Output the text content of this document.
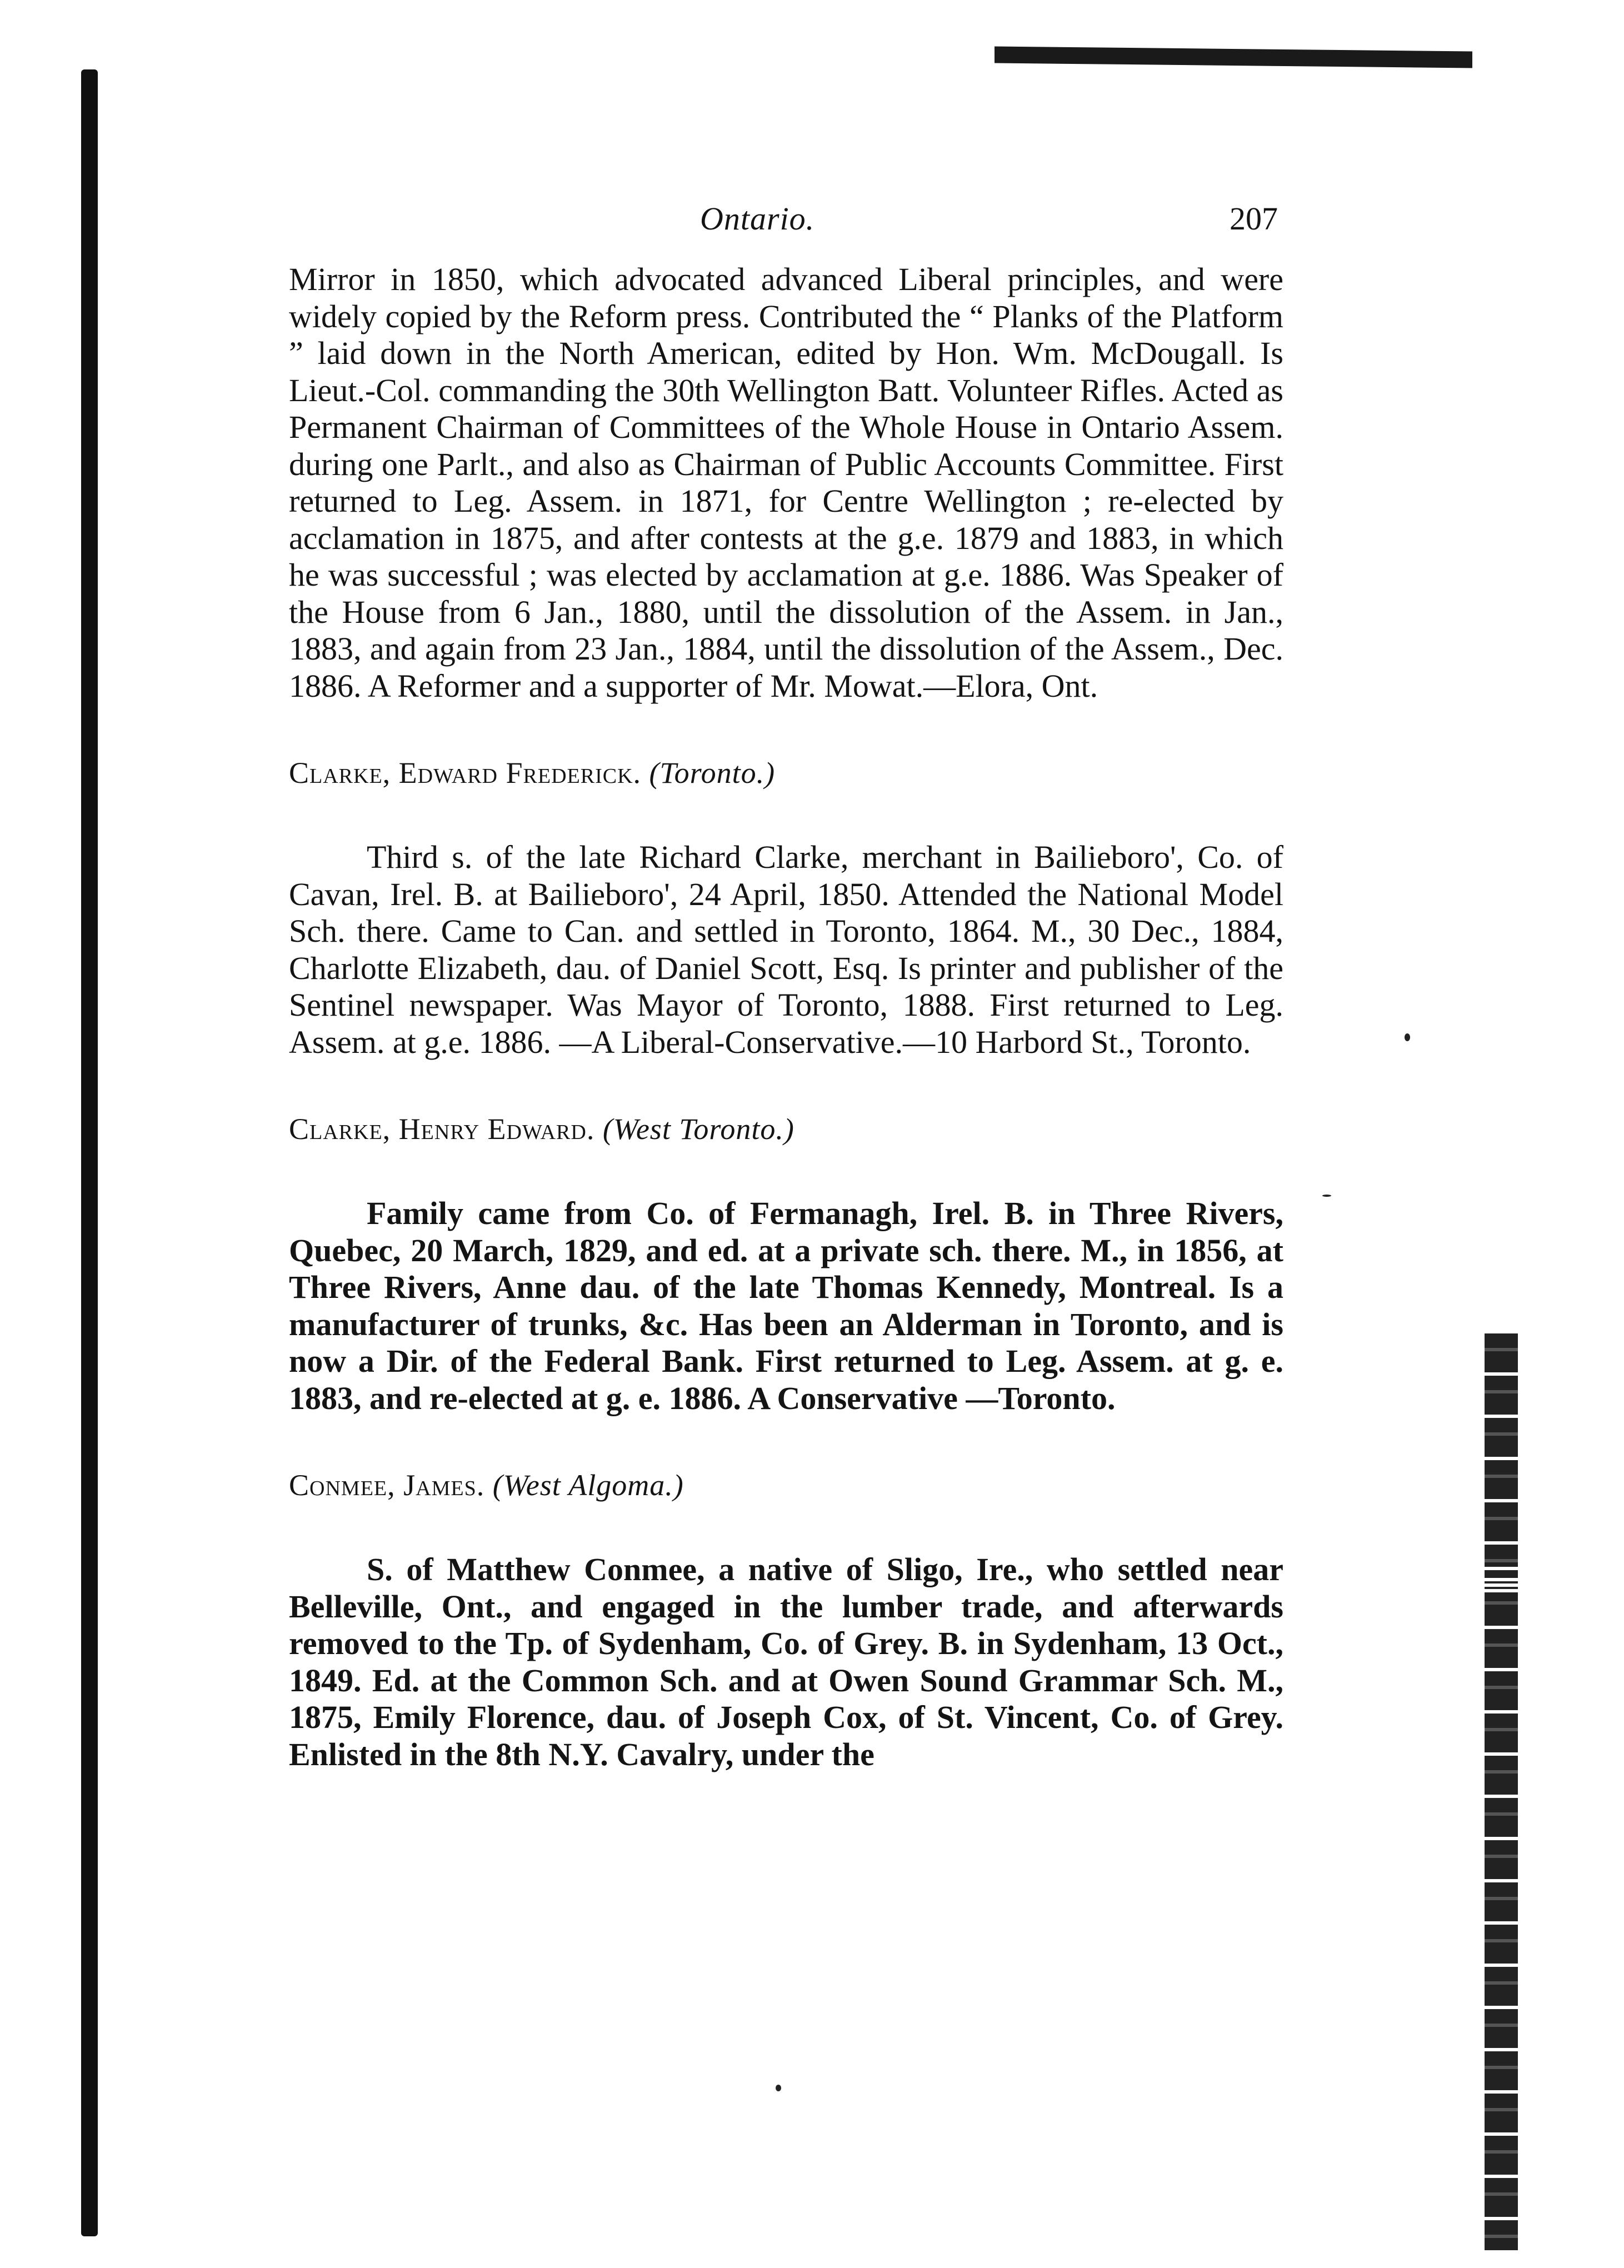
Ontario.	207

Mirror in 1850, which advocated advanced Liberal principles, and were widely copied by the Reform press. Contributed the “ Planks of the Platform ” laid down in the North American, edited by Hon. Wm. McDougall. Is Lieut.-Col. commanding the 30th Wellington Batt. Volunteer Rifles. Acted as Permanent Chairman of Committees of the Whole House in Ontario Assem. during one Parlt., and also as Chairman of Public Accounts Committee. First returned to Leg. Assem. in 1871, for Centre Wellington ; re-elected by acclamation in 1875, and after contests at the g.e. 1879 and 1883, in which he was successful ; was elected by acclamation at g.e. 1886. Was Speaker of the House from 6 Jan., 1880, until the dissolution of the Assem. in Jan., 1883, and again from 23 Jan., 1884, until the dissolution of the Assem., Dec. 1886. A Reformer and a supporter of Mr. Mowat.—Elora, Ont.

Clarke, Edward Frederick. (Toronto.)

Third s. of the late Richard Clarke, merchant in Bailieboro', Co. of Cavan, Irel. B. at Bailieboro', 24 April, 1850. Attended the National Model Sch. there. Came to Can. and settled in Toronto, 1864. M., 30 Dec., 1884, Charlotte Elizabeth, dau. of Daniel Scott, Esq. Is printer and publisher of the Sentinel newspaper. Was Mayor of Toronto, 1888. First returned to Leg. Assem. at g.e. 1886. —A Liberal-Conservative.—10 Harbord St., Toronto.

Clarke, Henry Edward. (West Toronto.)

Family came from Co. of Fermanagh, Irel. B. in Three Rivers, Quebec, 20 March, 1829, and ed. at a private sch. there. M., in 1856, at Three Rivers, Anne dau. of the late Thomas Kennedy, Montreal. Is a manufacturer of trunks, &c. Has been an Alderman in Toronto, and is now a Dir. of the Federal Bank. First returned to Leg. Assem. at g. e. 1883, and re-elected at g. e. 1886. A Conservative —Toronto.

Conmee, James. (West Algoma.)

S. of Matthew Conmee, a native of Sligo, Ire., who settled near Belleville, Ont., and engaged in the lumber trade, and afterwards removed to the Tp. of Sydenham, Co. of Grey. B. in Sydenham, 13 Oct., 1849. Ed. at the Common Sch. and at Owen Sound Grammar Sch. M., 1875, Emily Florence, dau. of Joseph Cox, of St. Vincent, Co. of Grey. Enlisted in the 8th N.Y. Cavalry, under the
